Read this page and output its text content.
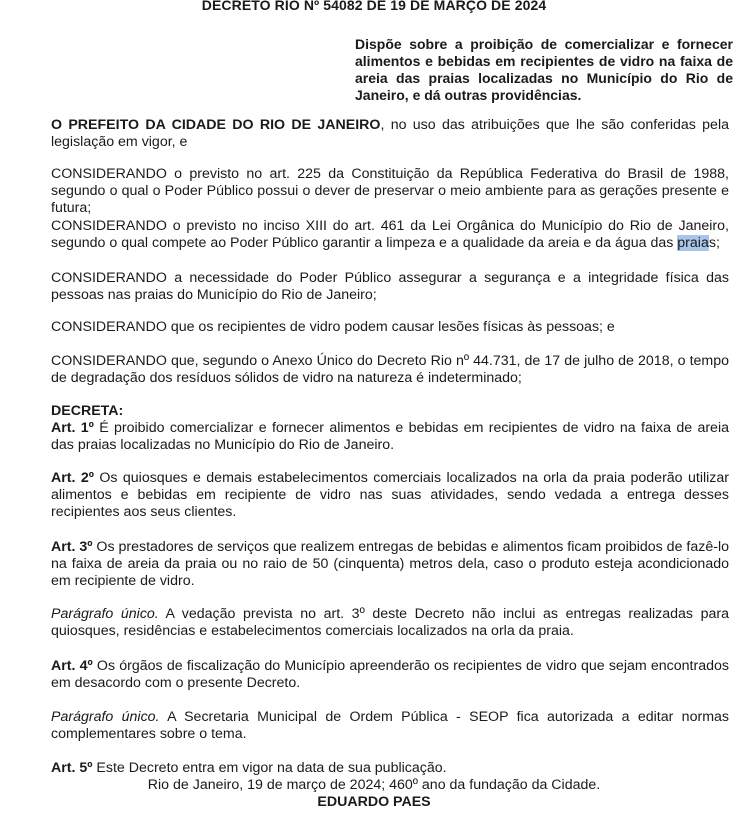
DECRETO RIO Nº 54082 DE 19 DE MARÇO DE 2024
Dispõe sobre a proibição de comercializar e fornecer alimentos e bebidas em recipientes de vidro na faixa de areia das praias localizadas no Município do Rio de Janeiro, e dá outras providências.
O PREFEITO DA CIDADE DO RIO DE JANEIRO, no uso das atribuições que lhe são conferidas pela legislação em vigor, e
CONSIDERANDO o previsto no art. 225 da Constituição da República Federativa do Brasil de 1988, segundo o qual o Poder Público possui o dever de preservar o meio ambiente para as gerações presente e futura;
CONSIDERANDO o previsto no inciso XIII do art. 461 da Lei Orgânica do Município do Rio de Janeiro, segundo o qual compete ao Poder Público garantir a limpeza e a qualidade da areia e da água das praias;
CONSIDERANDO a necessidade do Poder Público assegurar a segurança e a integridade física das pessoas nas praias do Município do Rio de Janeiro;
CONSIDERANDO que os recipientes de vidro podem causar lesões físicas às pessoas; e
CONSIDERANDO que, segundo o Anexo Único do Decreto Rio nº 44.731, de 17 de julho de 2018, o tempo de degradação dos resíduos sólidos de vidro na natureza é indeterminado;
DECRETA:
Art. 1º É proibido comercializar e fornecer alimentos e bebidas em recipientes de vidro na faixa de areia das praias localizadas no Município do Rio de Janeiro.
Art. 2º Os quiosques e demais estabelecimentos comerciais localizados na orla da praia poderão utilizar alimentos e bebidas em recipiente de vidro nas suas atividades, sendo vedada a entrega desses recipientes aos seus clientes.
Art. 3º Os prestadores de serviços que realizem entregas de bebidas e alimentos ficam proibidos de fazê-lo na faixa de areia da praia ou no raio de 50 (cinquenta) metros dela, caso o produto esteja acondicionado em recipiente de vidro.
Parágrafo único. A vedação prevista no art. 3º deste Decreto não inclui as entregas realizadas para quiosques, residências e estabelecimentos comerciais localizados na orla da praia.
Art. 4º Os órgãos de fiscalização do Município apreenderão os recipientes de vidro que sejam encontrados em desacordo com o presente Decreto.
Parágrafo único. A Secretaria Municipal de Ordem Pública - SEOP fica autorizada a editar normas complementares sobre o tema.
Art. 5º Este Decreto entra em vigor na data de sua publicação.
Rio de Janeiro, 19 de março de 2024; 460º ano da fundação da Cidade.
EDUARDO PAES
